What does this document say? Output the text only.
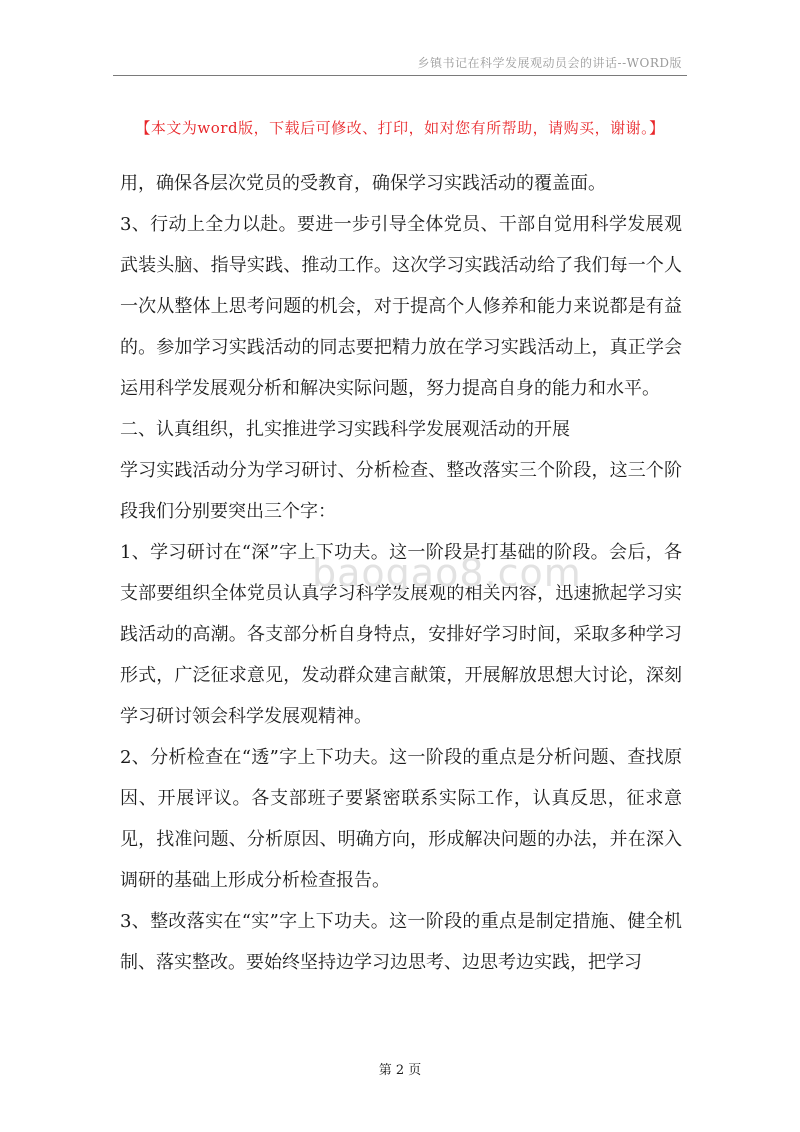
乡镇书记在科学发展观动员会的讲话--WORD版
【本文为word版，下载后可修改、打印，如对您有所帮助，请购买，谢谢。】

用，确保各层次党员的受教育，确保学习实践活动的覆盖面。

3、行动上全力以赴。要进一步引导全体党员、干部自觉用科学发展观武装头脑、指导实践、推动工作。这次学习实践活动给了我们每一个人一次从整体上思考问题的机会，对于提高个人修养和能力来说都是有益的。参加学习实践活动的同志要把精力放在学习实践活动上，真正学会运用科学发展观分析和解决实际问题，努力提高自身的能力和水平。

二、认真组织，扎实推进学习实践科学发展观活动的开展

学习实践活动分为学习研讨、分析检查、整改落实三个阶段，这三个阶段我们分别要突出三个字：

1、学习研讨在“深”字上下功夫。这一阶段是打基础的阶段。会后，各支部要组织全体党员认真学习科学发展观的相关内容，迅速掀起学习实践活动的高潮。各支部分析自身特点，安排好学习时间，采取多种学习形式，广泛征求意见，发动群众建言献策，开展解放思想大讨论，深刻学习研讨领会科学发展观精神。

2、分析检查在“透”字上下功夫。这一阶段的重点是分析问题、查找原因、开展评议。各支部班子要紧密联系实际工作，认真反思，征求意见，找准问题、分析原因、明确方向，形成解决问题的办法，并在深入调研的基础上形成分析检查报告。

3、整改落实在“实”字上下功夫。这一阶段的重点是制定措施、健全机制、落实整改。要始终坚持边学习边思考、边思考边实践，把学习

baogao8.com
第 2 页
